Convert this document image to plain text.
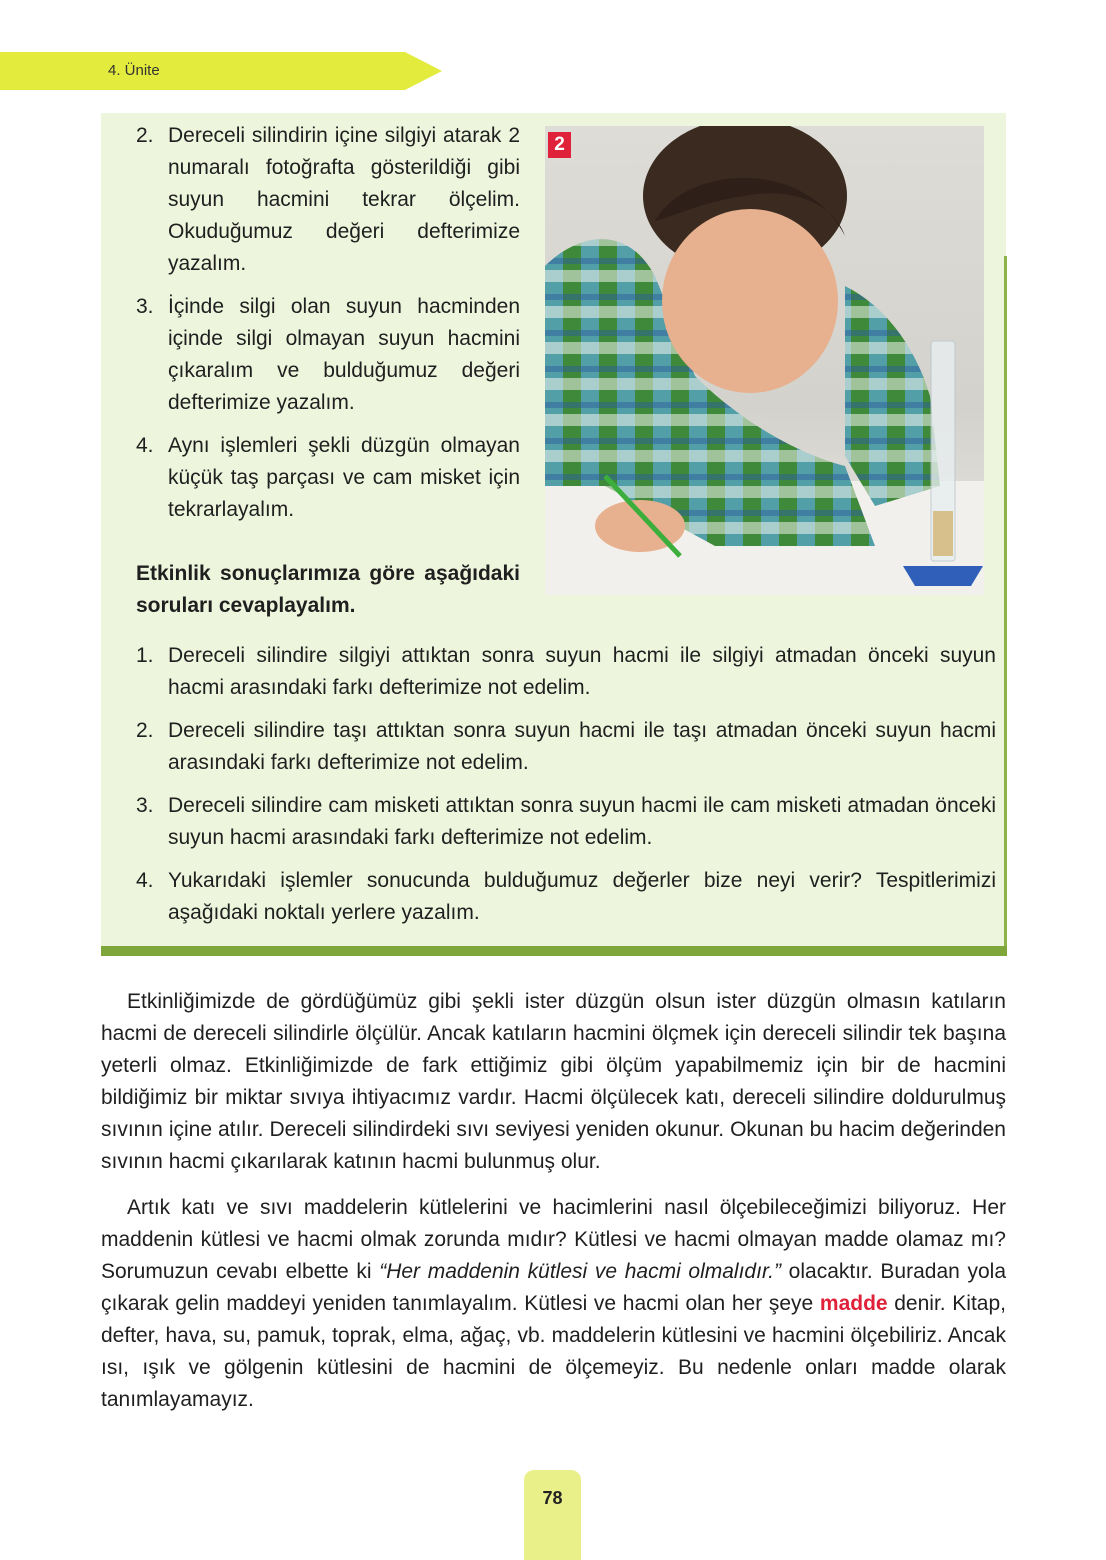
4. Ünite
2. Dereceli silindirin içine silgiyi atarak 2 numaralı fotoğrafta gösterildiği gibi suyun hacmini tekrar ölçelim. Okuduğumuz değeri defterimize yazalım.
3. İçinde silgi olan suyun hacminden içinde silgi olmayan suyun hacmini çıkaralım ve bulduğumuz değeri defterimize yazalım.
4. Aynı işlemleri şekli düzgün olmayan küçük taş parçası ve cam misket için tekrarlayalım.
Etkinlik sonuçlarımıza göre aşağıdaki soruları cevaplayalım.
2
1. Dereceli silindire silgiyi attıktan sonra suyun hacmi ile silgiyi atmadan önceki suyun hacmi arasındaki farkı defterimize not edelim.
2. Dereceli silindire taşı attıktan sonra suyun hacmi ile taşı atmadan önceki suyun hacmi arasındaki farkı defterimize not edelim.
3. Dereceli silindire cam misketi attıktan sonra suyun hacmi ile cam misketi atmadan önceki suyun hacmi arasındaki farkı defterimize not edelim.
4. Yukarıdaki işlemler sonucunda bulduğumuz değerler bize neyi verir? Tespitlerimizi aşağıdaki noktalı yerlere yazalım.

Etkinliğimizde de gördüğümüz gibi şekli ister düzgün olsun ister düzgün olmasın katıların hacmi de dereceli silindirle ölçülür. Ancak katıların hacmini ölçmek için dereceli silindir tek başına yeterli olmaz. Etkinliğimizde de fark ettiğimiz gibi ölçüm yapabilmemiz için bir de hacmini bildiğimiz bir miktar sıvıya ihtiyacımız vardır. Hacmi ölçülecek katı, dereceli silindire doldurulmuş sıvının içine atılır. Dereceli silindirdeki sıvı seviyesi yeniden okunur. Okunan bu hacim değerinden sıvının hacmi çıkarılarak katının hacmi bulunmuş olur.

Artık katı ve sıvı maddelerin kütlelerini ve hacimlerini nasıl ölçebileceğimizi biliyoruz. Her maddenin kütlesi ve hacmi olmak zorunda mıdır? Kütlesi ve hacmi olmayan madde olamaz mı? Sorumuzun cevabı elbette ki “Her maddenin kütlesi ve hacmi olmalıdır.” olacaktır. Buradan yola çıkarak gelin maddeyi yeniden tanımlayalım. Kütlesi ve hacmi olan her şeye madde denir. Kitap, defter, hava, su, pamuk, toprak, elma, ağaç, vb. maddelerin kütlesini ve hacmini ölçebiliriz. Ancak ısı, ışık ve gölgenin kütlesini de hacmini de ölçemeyiz. Bu nedenle onları madde olarak tanımlayamayız.

78
